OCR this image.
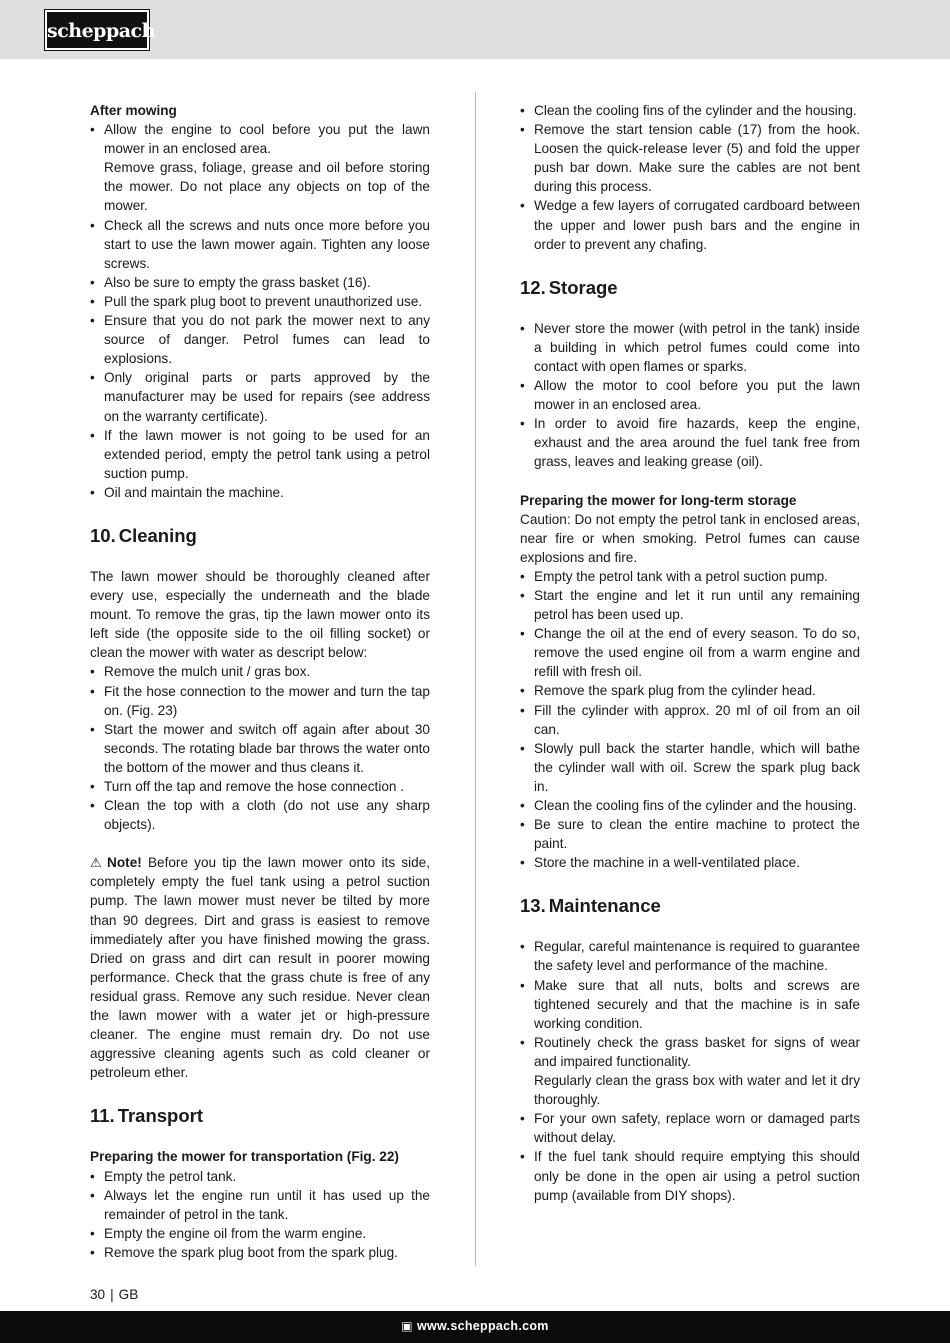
scheppach

After mowing

• Allow the engine to cool before you put the lawn mower in an enclosed area.
Remove grass, foliage, grease and oil before storing the mower. Do not place any objects on top of the mower.
• Check all the screws and nuts once more before you start to use the lawn mower again. Tighten any loose screws.
• Also be sure to empty the grass basket (16).
• Pull the spark plug boot to prevent unauthorized use.
• Ensure that you do not park the mower next to any source of danger. Petrol fumes can lead to explosions.
• Only original parts or parts approved by the manufacturer may be used for repairs (see address on the warranty certificate).
• If the lawn mower is not going to be used for an extended period, empty the petrol tank using a petrol suction pump.
• Oil and maintain the machine.
10. Cleaning

The lawn mower should be thoroughly cleaned after every use, especially the underneath and the blade mount. To remove the gras, tip the lawn mower onto its left side (the opposite side to the oil filling socket) or clean the mower with water as descript below:

• Remove the mulch unit / gras box.
• Fit the hose connection to the mower and turn the tap on. (Fig. 23)
• Start the mower and switch off again after about 30 seconds. The rotating blade bar throws the water onto the bottom of the mower and thus cleans it.
• Turn off the tap and remove the hose connection .
• Clean the top with a cloth (do not use any sharp objects).

⚠ Note! Before you tip the lawn mower onto its side, completely empty the fuel tank using a petrol suction pump. The lawn mower must never be tilted by more than 90 degrees. Dirt and grass is easiest to remove immediately after you have finished mowing the grass. Dried on grass and dirt can result in poorer mowing performance. Check that the grass chute is free of any residual grass. Remove any such residue. Never clean the lawn mower with a water jet or high-pressure cleaner. The engine must remain dry. Do not use aggressive cleaning agents such as cold cleaner or petroleum ether.

11. Transport

Preparing the mower for transportation (Fig. 22)

• Empty the petrol tank.
• Always let the engine run until it has used up the remainder of petrol in the tank.
• Empty the engine oil from the warm engine.
• Remove the spark plug boot from the spark plug.
• Clean the cooling fins of the cylinder and the housing.
• Remove the start tension cable (17) from the hook. Loosen the quick-release lever (5) and fold the upper push bar down. Make sure the cables are not bent during this process.
• Wedge a few layers of corrugated cardboard between the upper and lower push bars and the engine in order to prevent any chafing.
12. Storage
• Never store the mower (with petrol in the tank) inside a building in which petrol fumes could come into contact with open flames or sparks.
• Allow the motor to cool before you put the lawn mower in an enclosed area.
• In order to avoid fire hazards, keep the engine, exhaust and the area around the fuel tank free from grass, leaves and leaking grease (oil).

Preparing the mower for long-term storage

Caution: Do not empty the petrol tank in enclosed areas, near fire or when smoking. Petrol fumes can cause explosions and fire.

• Empty the petrol tank with a petrol suction pump.
• Start the engine and let it run until any remaining petrol has been used up.
• Change the oil at the end of every season. To do so, remove the used engine oil from a warm engine and refill with fresh oil.
• Remove the spark plug from the cylinder head.
• Fill the cylinder with approx. 20 ml of oil from an oil can.
• Slowly pull back the starter handle, which will bathe the cylinder wall with oil. Screw the spark plug back in.
• Clean the cooling fins of the cylinder and the housing.
• Be sure to clean the entire machine to protect the paint.
• Store the machine in a well-ventilated place.
13. Maintenance
• Regular, careful maintenance is required to guarantee the safety level and performance of the machine.
• Make sure that all nuts, bolts and screws are tightened securely and that the machine is in safe working condition.
• Routinely check the grass basket for signs of wear and impaired functionality.
Regularly clean the grass box with water and let it dry thoroughly.
• For your own safety, replace worn or damaged parts without delay.
• If the fuel tank should require emptying this should only be done in the open air using a petrol suction pump (available from DIY shops).
30 | GB
▣ www.scheppach.com
